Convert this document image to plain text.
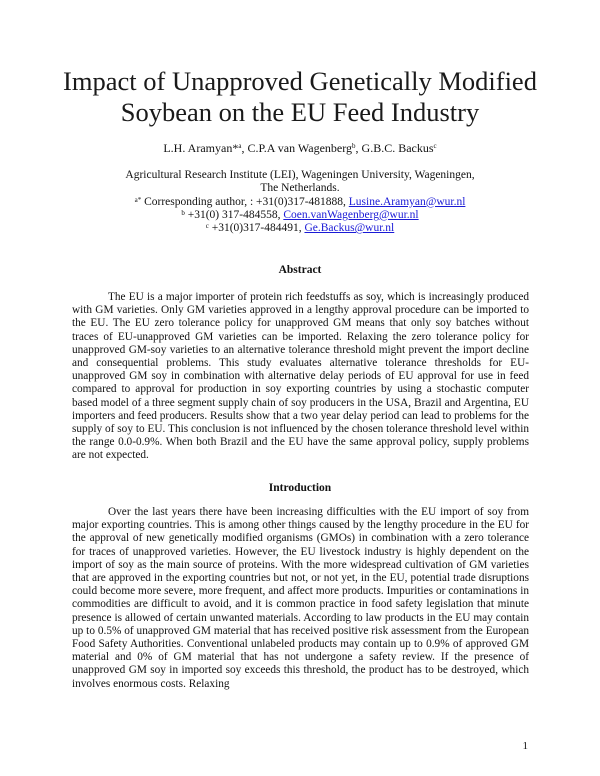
Impact of Unapproved Genetically Modified
Soybean on the EU Feed Industry
L.H. Aramyan*$^a$, C.P.A van Wagenberg$^b$, G.B.C. Backus$^c$
Agricultural Research Institute (LEI), Wageningen University, Wageningen,
The Netherlands.
$^{a*}$ Corresponding author, : +31(0)317-481888, Lusine.Aramyan@wur.nl
$^b$ +31(0) 317-484558, Coen.vanWagenberg@wur.nl
$^c$ +31(0)317-484491, Ge.Backus@wur.nl
Abstract
The EU is a major importer of protein rich feedstuffs as soy, which is increasingly produced with GM varieties. Only GM varieties approved in a lengthy approval procedure can be imported to the EU. The EU zero tolerance policy for unapproved GM means that only soy batches without traces of EU-unapproved GM varieties can be imported. Relaxing the zero tolerance policy for unapproved GM-soy varieties to an alternative tolerance threshold might prevent the import decline and consequential problems. This study evaluates alternative tolerance thresholds for EU-unapproved GM soy in combination with alternative delay periods of EU approval for use in feed compared to approval for production in soy exporting countries by using a stochastic computer based model of a three segment supply chain of soy producers in the USA, Brazil and Argentina, EU importers and feed producers. Results show that a two year delay period can lead to problems for the supply of soy to EU. This conclusion is not influenced by the chosen tolerance threshold level within the range 0.0-0.9%. When both Brazil and the EU have the same approval policy, supply problems are not expected.
Introduction
Over the last years there have been increasing difficulties with the EU import of soy from major exporting countries. This is among other things caused by the lengthy procedure in the EU for the approval of new genetically modified organisms (GMOs) in combination with a zero tolerance for traces of unapproved varieties. However, the EU livestock industry is highly dependent on the import of soy as the main source of proteins. With the more widespread cultivation of GM varieties that are approved in the exporting countries but not, or not yet, in the EU, potential trade disruptions could become more severe, more frequent, and affect more products. Impurities or contaminations in commodities are difficult to avoid, and it is common practice in food safety legislation that minute presence is allowed of certain unwanted materials. According to law products in the EU may contain up to 0.5% of unapproved GM material that has received positive risk assessment from the European Food Safety Authorities. Conventional unlabeled products may contain up to 0.9% of approved GM material and 0% of GM material that has not undergone a safety review. If the presence of unapproved GM soy in imported soy exceeds this threshold, the product has to be destroyed, which involves enormous costs. Relaxing
1
